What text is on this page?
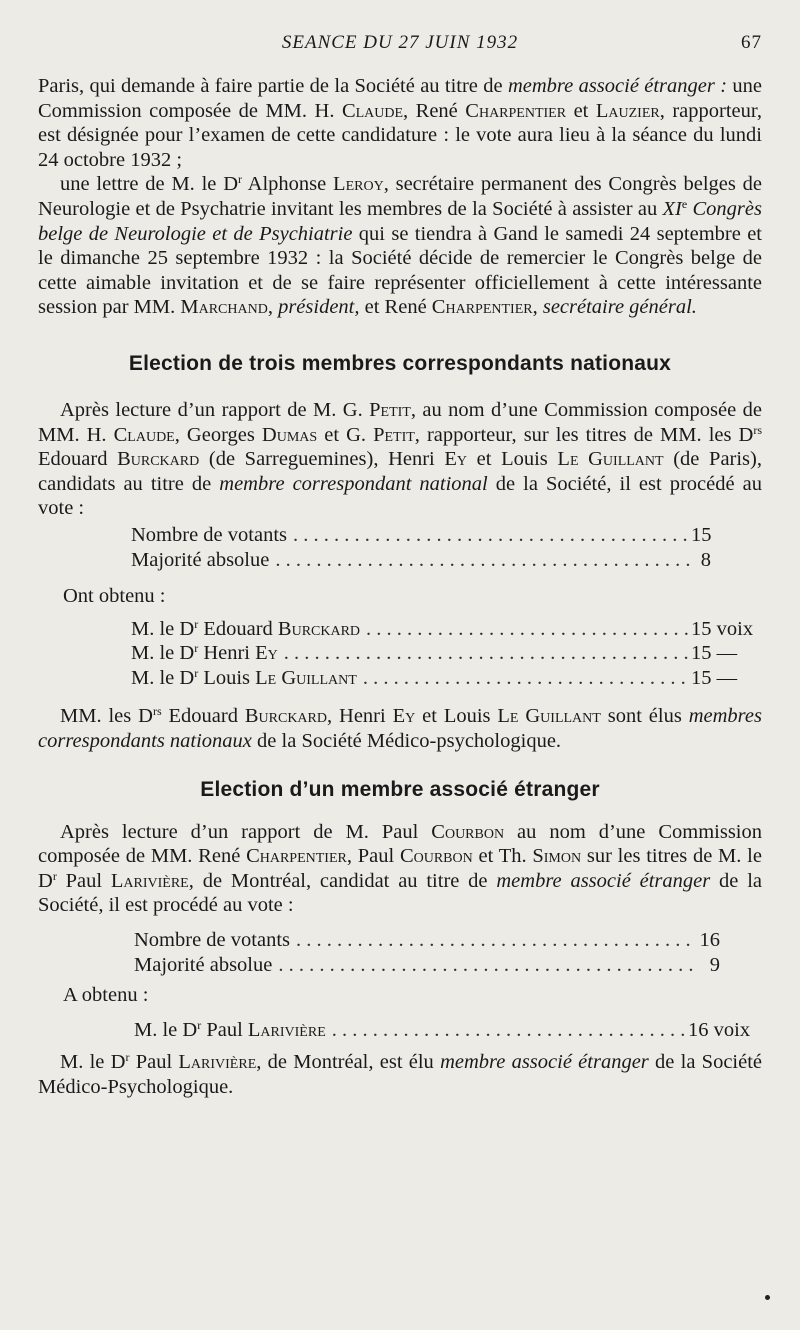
SEANCE DU 27 JUIN 1932	67

Paris, qui demande à faire partie de la Société au titre de membre associé étranger : une Commission composée de MM. H. Claude, René Charpentier et Lauzier, rapporteur, est désignée pour l’examen de cette candidature : le vote aura lieu à la séance du lundi 24 octobre 1932 ;

une lettre de M. le $D^r$ Alphonse Leroy, secrétaire permanent des Congrès belges de Neurologie et de Psychatrie invitant les membres de la Société à assister au XIe Congrès belge de Neurologie et de Psychiatrie qui se tiendra à Gand le samedi 24 septembre et le dimanche 25 septembre 1932 : la Société décide de remercier le Congrès belge de cette aimable invitation et de se faire représenter officiellement à cette intéressante session par MM. Marchand, président, et René Charpentier, secrétaire général.

Election de trois membres correspondants nationaux

Après lecture d’un rapport de M. G. Petit, au nom d’une Commission composée de MM. H. Claude, Georges Dumas et G. Petit, rapporteur, sur les titres de MM. les $D^{rs}$ Edouard Burckard (de Sarreguemines), Henri Ey et Louis Le Guillant (de Paris), candidats au titre de membre correspondant national de la Société, il est procédé au vote :

Nombre de votants . . .	15
Majorité absolue . . .	8
Ont obtenu :
M. le $D^r$ Edouard Burckard . . .	15 voix
M. le $D^r$ Henri Ey . . .	15 —
M. le $D^r$ Louis Le Guillant . . .	15 —

MM. les $D^{rs}$ Edouard Burckard, Henri Ey et Louis Le Guillant sont élus membres correspondants nationaux de la Société Médico-psychologique.

Election d’un membre associé étranger

Après lecture d’un rapport de M. Paul Courbon au nom d’une Commission composée de MM. René Charpentier, Paul Courbon et Th. Simon sur les titres de M. le $D^r$ Paul Larivière, de Montréal, candidat au titre de membre associé étranger de la Société, il est procédé au vote :

Nombre de votants . . .	16
Majorité absolue . . .	9
A obtenu :
M. le $D^r$ Paul Larivière . . .	16 voix

M. le $D^r$ Paul Larivière, de Montréal, est élu membre associé étranger de la Société Médico-Psychologique.
